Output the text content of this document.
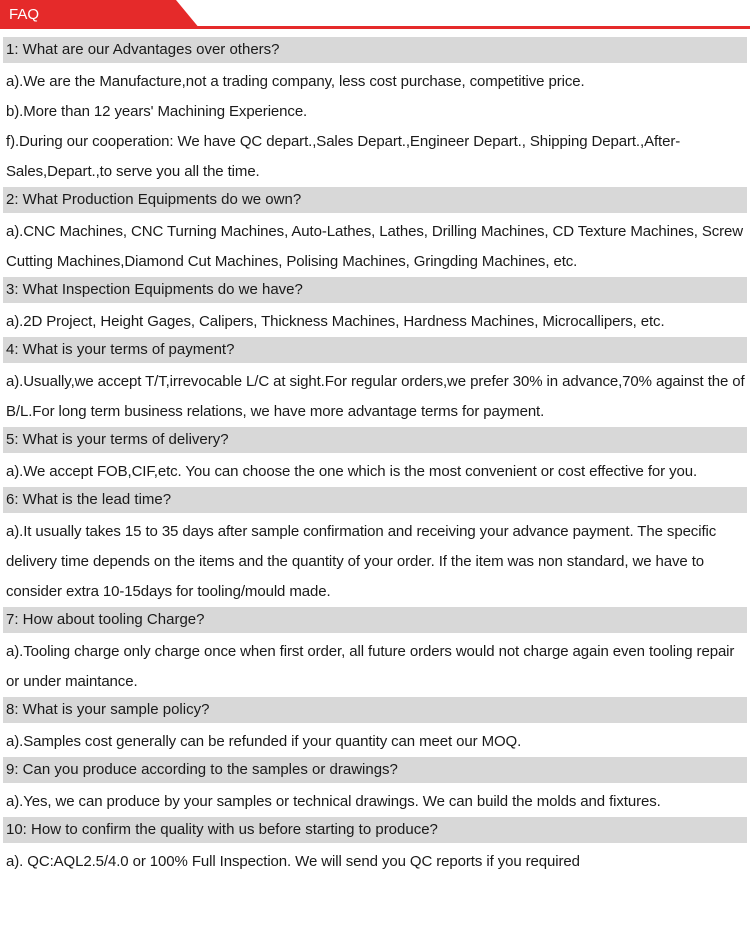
FAQ
1: What are our Advantages over others?

a).We are the Manufacture,not a trading company, less cost purchase, competitive price.

b).More than 12 years' Machining Experience.

f).During our cooperation: We have QC depart.,Sales Depart.,Engineer Depart., Shipping Depart.,After-Sales,Depart.,to serve you all the time.

2: What Production Equipments do we own?

a).CNC Machines, CNC Turning Machines, Auto-Lathes, Lathes, Drilling Machines, CD Texture Machines, Screw Cutting Machines,Diamond Cut Machines, Polising Machines, Gringding Machines, etc.

3: What Inspection Equipments do we have?

a).2D Project, Height Gages, Calipers, Thickness Machines, Hardness Machines, Microcallipers, etc.

4: What is your terms of payment?

a).Usually,we accept T/T,irrevocable L/C at sight.For regular orders,we prefer 30% in advance,70% against the of B/L.For long term business relations, we have more advantage terms for payment.

5: What is your terms of delivery?

a).We accept FOB,CIF,etc. You can choose the one which is the most convenient or cost effective for you.

6: What is the lead time?

a).It usually takes 15 to 35 days after sample confirmation and receiving your advance payment. The specific delivery time depends on the items and the quantity of your order. If the item was non standard, we have to consider extra 10-15days for tooling/mould made.

7: How about tooling Charge?

a).Tooling charge only charge once when first order, all future orders would not charge again even tooling repair or under maintance.

8: What is your sample policy?

a).Samples cost generally can be refunded if your quantity can meet our MOQ.

9: Can you produce according to the samples or drawings?

a).Yes, we can produce by your samples or technical drawings. We can build the molds and fixtures.

10: How to confirm the quality with us before starting to produce?

a). QC:AQL2.5/4.0 or 100% Full Inspection. We will send you QC reports if you required
